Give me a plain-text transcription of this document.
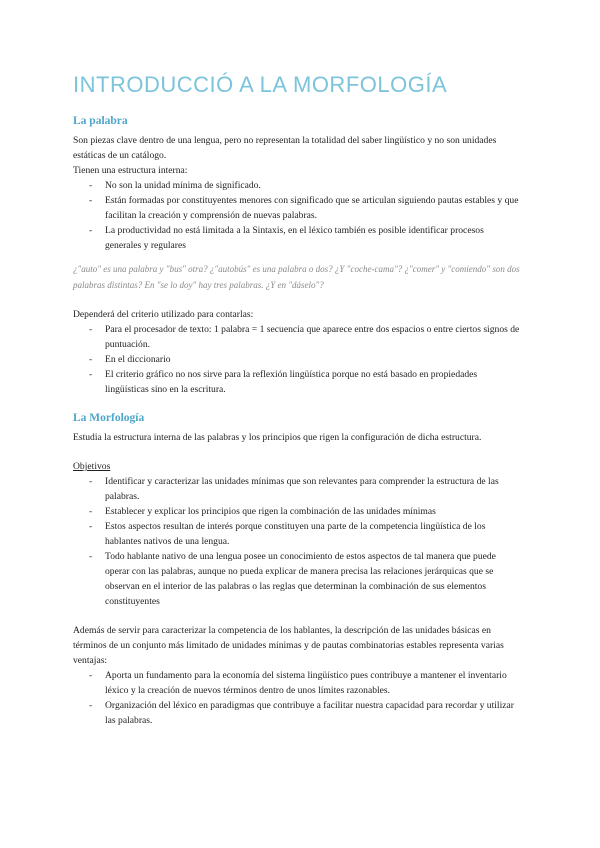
INTRODUCCIÓ A LA MORFOLOGÍA
La palabra

Son piezas clave dentro de una lengua, pero no representan la totalidad del saber lingüístico y no son unidades estáticas de un catálogo.

Tienen una estructura interna:

- No son la unidad mínima de significado.
- Están formadas por constituyentes menores con significado que se articulan siguiendo pautas estables y que facilitan la creación y comprensión de nuevas palabras.
- La productividad no está limitada a la Sintaxis, en el léxico también es posible identificar procesos generales y regulares

¿"auto" es una palabra y "bus" otra? ¿"autobús" es una palabra o dos? ¿Y "coche-cama"? ¿"comer" y "comiendo" son dos palabras distintas? En "se lo doy" hay tres palabras. ¿Y en "dáselo"?

Dependerá del criterio utilizado para contarlas:

- Para el procesador de texto: 1 palabra = 1 secuencia que aparece entre dos espacios o entre ciertos signos de puntuación.
- En el diccionario
- El criterio gráfico no nos sirve para la reflexión lingüística porque no está basado en propiedades lingüísticas sino en la escritura.
La Morfología

Estudia la estructura interna de las palabras y los principios que rigen la configuración de dicha estructura.

Objetivos

- Identificar y caracterizar las unidades mínimas que son relevantes para comprender la estructura de las palabras.
- Establecer y explicar los principios que rigen la combinación de las unidades mínimas
- Estos aspectos resultan de interés porque constituyen una parte de la competencia lingüística de los hablantes nativos de una lengua.
- Todo hablante nativo de una lengua posee un conocimiento de estos aspectos de tal manera que puede operar con las palabras, aunque no pueda explicar de manera precisa las relaciones jerárquicas que se observan en el interior de las palabras o las reglas que determinan la combinación de sus elementos constituyentes

Además de servir para caracterizar la competencia de los hablantes, la descripción de las unidades básicas en términos de un conjunto más limitado de unidades mínimas y de pautas combinatorias estables representa varias ventajas:

- Aporta un fundamento para la economía del sistema lingüístico pues contribuye a mantener el inventario léxico y la creación de nuevos términos dentro de unos límites razonables.
- Organización del léxico en paradigmas que contribuye a facilitar nuestra capacidad para recordar y utilizar las palabras.
